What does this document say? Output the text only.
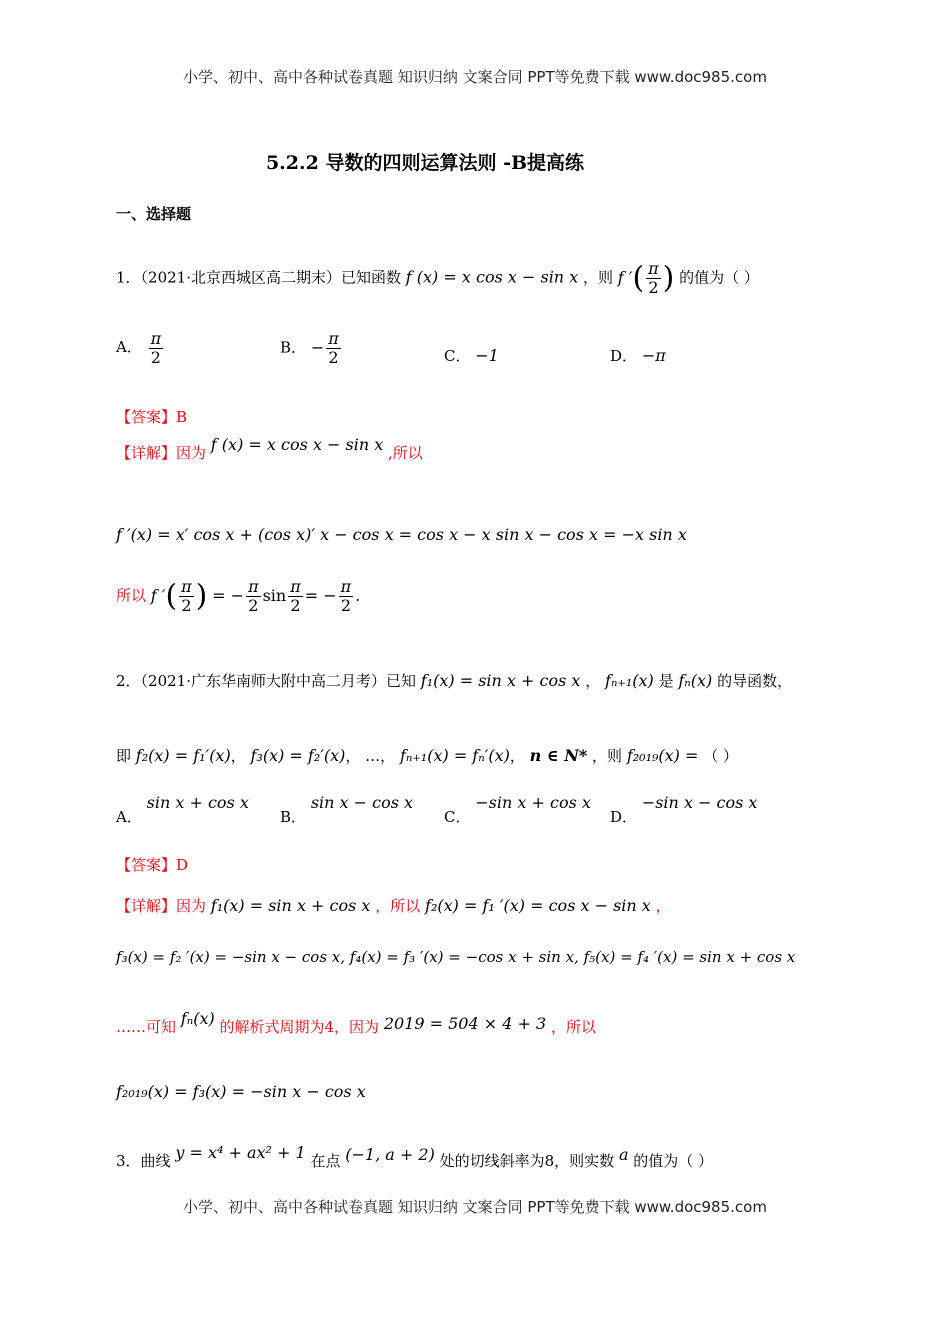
小学、初中、高中各种试卷真题 知识归纳 文案合同 PPT等免费下载 www.doc985.com
5.2.2 导数的四则运算法则 -B提高练
一、选择题
1．（2021·北京西城区高二期末）已知函数 f (x) = x cos x − sin x ，则 f ′( $\frac{\pi}{2}$ ) 的值为（ ）
A． $\frac{\pi}{2}$	B． − $\frac{\pi}{2}$	C． −1	D． −π
【答案】B
【详解】因为 f (x) = x cos x − sin x ,所以
f ′(x) = x′ cos x + (cos x)′ x − cos x = cos x − x sin x − cos x = −x sin x
所以 f ′( $\frac{\pi}{2}$ ) = − $\frac{\pi}{2}$ $\sin \frac{\pi}{2}$ = − $\frac{\pi}{2}$ .
2．（2021·广东华南师大附中高二月考）已知 f₁(x) = sin x + cos x ， fₙ₊₁(x) 是 fₙ(x) 的导函数，
即 f₂(x) = f₁′(x)， f₃(x) = f₂′(x)， …， fₙ₊₁(x) = fₙ′(x)， n ∈ N* ，则 f₂₀₁₉(x) = （ ）
A． sin x + cos x
B． sin x − cos x
C． −sin x + cos x
D． −sin x − cos x
【答案】D
【详解】因为 f₁(x) = sin x + cos x ，所以 f₂(x) = f₁ ′(x) = cos x − sin x ，
f₃(x) = f₂ ′(x) = −sin x − cos x, f₄(x) = f₃ ′(x) = −cos x + sin x, f₅(x) = f₄ ′(x) = sin x + cos x
……可知 fₙ(x) 的解析式周期为4，因为 2019 = 504 × 4 + 3 ，所以
f₂₀₁₉(x) = f₃(x) = −sin x − cos x
3．曲线 y = x⁴ + ax² + 1 在点 (−1, a + 2) 处的切线斜率为8，则实数 a 的值为（ ）
小学、初中、高中各种试卷真题 知识归纳 文案合同 PPT等免费下载 www.doc985.com
